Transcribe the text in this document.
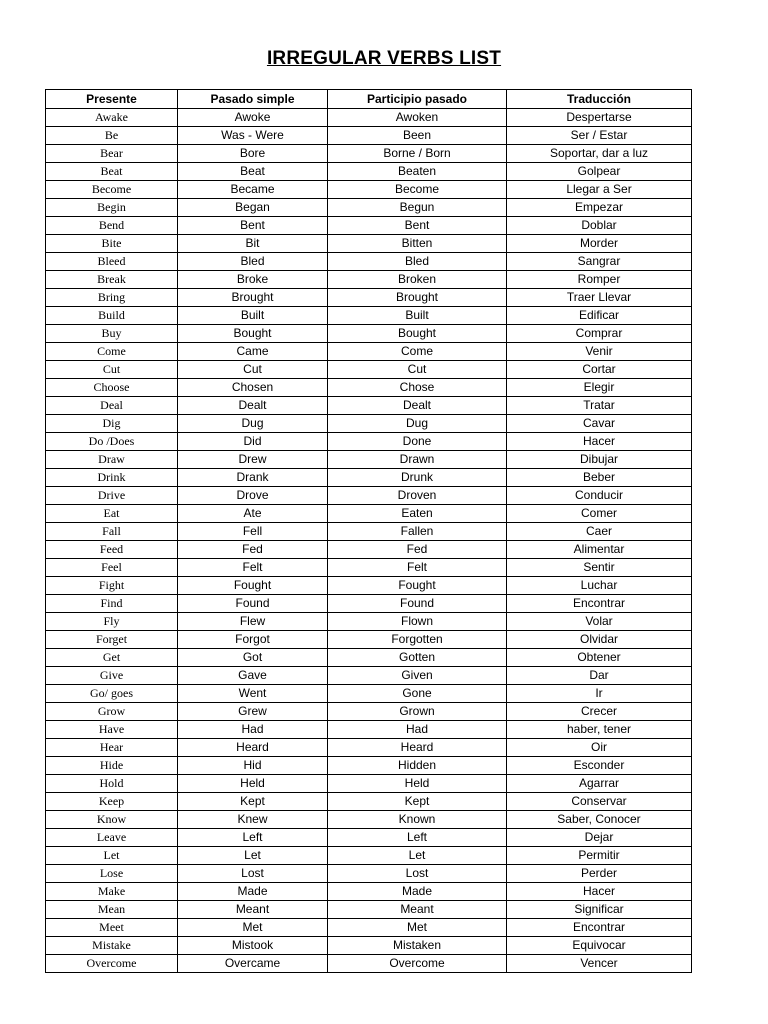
IRREGULAR VERBS LIST
Presente	Pasado simple	Participio pasado	Traducción
Awake	Awoke	Awoken	Despertarse
Be	Was - Were	Been	Ser / Estar
Bear	Bore	Borne / Born	Soportar, dar a luz
Beat	Beat	Beaten	Golpear
Become	Became	Become	Llegar a Ser
Begin	Began	Begun	Empezar
Bend	Bent	Bent	Doblar
Bite	Bit	Bitten	Morder
Bleed	Bled	Bled	Sangrar
Break	Broke	Broken	Romper
Bring	Brought	Brought	Traer Llevar
Build	Built	Built	Edificar
Buy	Bought	Bought	Comprar
Come	Came	Come	Venir
Cut	Cut	Cut	Cortar
Choose	Chosen	Chose	Elegir
Deal	Dealt	Dealt	Tratar
Dig	Dug	Dug	Cavar
Do /Does	Did	Done	Hacer
Draw	Drew	Drawn	Dibujar
Drink	Drank	Drunk	Beber
Drive	Drove	Droven	Conducir
Eat	Ate	Eaten	Comer
Fall	Fell	Fallen	Caer
Feed	Fed	Fed	Alimentar
Feel	Felt	Felt	Sentir
Fight	Fought	Fought	Luchar
Find	Found	Found	Encontrar
Fly	Flew	Flown	Volar
Forget	Forgot	Forgotten	Olvidar
Get	Got	Gotten	Obtener
Give	Gave	Given	Dar
Go/ goes	Went	Gone	Ir
Grow	Grew	Grown	Crecer
Have	Had	Had	haber, tener
Hear	Heard	Heard	Oir
Hide	Hid	Hidden	Esconder
Hold	Held	Held	Agarrar
Keep	Kept	Kept	Conservar
Know	Knew	Known	Saber, Conocer
Leave	Left	Left	Dejar
Let	Let	Let	Permitir
Lose	Lost	Lost	Perder
Make	Made	Made	Hacer
Mean	Meant	Meant	Significar
Meet	Met	Met	Encontrar
Mistake	Mistook	Mistaken	Equivocar
Overcome	Overcame	Overcome	Vencer
